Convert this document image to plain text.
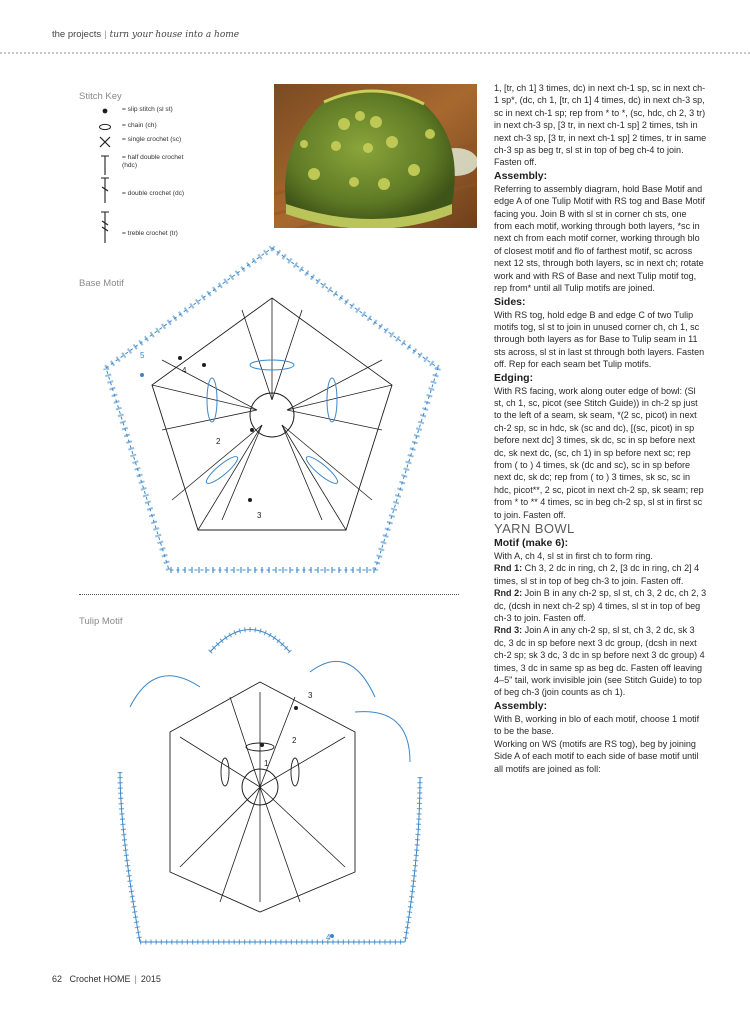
the projects | turn your house into a home
Stitch Key
= slip stitch (sl st)
= chain (ch)
= single crochet (sc)
= half double crochet (hdc)
= double crochet (dc)
= treble crochet (tr)
Base Motif
2
3
4
5
Tulip Motif
1
2
3
4

1, [tr, ch 1] 3 times, dc) in next ch-1 sp, sc in next ch-1 sp*, (dc, ch 1, [tr, ch 1] 4 times, dc) in next ch-3 sp, sc in next ch-1 sp; rep from * to *, (sc, hdc, ch 2, 3 tr) in next ch-3 sp, [3 tr, in next ch-1 sp] 2 times, tsh in next ch-3 sp, [3 tr, in next ch-1 sp] 2 times, tr in same ch-3 sp as beg tr, sl st in top of beg ch-4 to join. Fasten off.

Assembly:

Referring to assembly diagram, hold Base Motif and edge A of one Tulip Motif with RS tog and Base Motif facing you. Join B with sl st in corner ch sts, one from each motif, working through both layers, *sc in next ch from each motif corner, working through blo of closest motif and flo of farthest motif, sc across next 12 sts, through both layers, sc in next ch; rotate work and with RS of Base and next Tulip motif tog, rep from* until all Tulip motifs are joined.

Sides:

With RS tog, hold edge B and edge C of two Tulip motifs tog, sl st to join in unused corner ch, ch 1, sc through both layers as for Base to Tulip seam in 11 sts across, sl st in last st through both layers. Fasten off. Rep for each seam bet Tulip motifs.

Edging:

With RS facing, work along outer edge of bowl: (Sl st, ch 1, sc, picot (see Stitch Guide)) in ch-2 sp just to the left of a seam, sk seam, *(2 sc, picot) in next ch-2 sp, sc in hdc, sk (sc and dc), [(sc, picot) in sp before next dc] 3 times, sk dc, sc in sp before next dc, sk next dc, (sc, ch 1) in sp before next sc; rep from ( to ) 4 times, sk (dc and sc), sc in sp before next dc, sk dc; rep from ( to ) 3 times, sk sc, sc in hdc, picot**, 2 sc, picot in next ch-2 sp, sk seam; rep from * to ** 4 times, sc in beg ch-2 sp, sl st in first sc to join. Fasten off.

YARN BOWL
Motif (make 6):

With A, ch 4, sl st in first ch to form ring.

Rnd 1: Ch 3, 2 dc in ring, ch 2, [3 dc in ring, ch 2] 4 times, sl st in top of beg ch-3 to join. Fasten off.

Rnd 2: Join B in any ch-2 sp, sl st, ch 3, 2 dc, ch 2, 3 dc, (dcsh in next ch-2 sp) 4 times, sl st in top of beg ch-3 to join. Fasten off.

Rnd 3: Join A in any ch-2 sp, sl st, ch 3, 2 dc, sk 3 dc, 3 dc in sp before next 3 dc group, (dcsh in next ch-2 sp; sk 3 dc, 3 dc in sp before next 3 dc group) 4 times, 3 dc in same sp as beg dc. Fasten off leaving 4–5" tail, work invisible join (see Stitch Guide) to top of beg ch-3 (join counts as ch 1).

Assembly:

With B, working in blo of each motif, choose 1 motif to be the base.

Working on WS (motifs are RS tog), beg by joining Side A of each motif to each side of base motif until all motifs are joined as foll:

62 Crochet HOME | 2015
